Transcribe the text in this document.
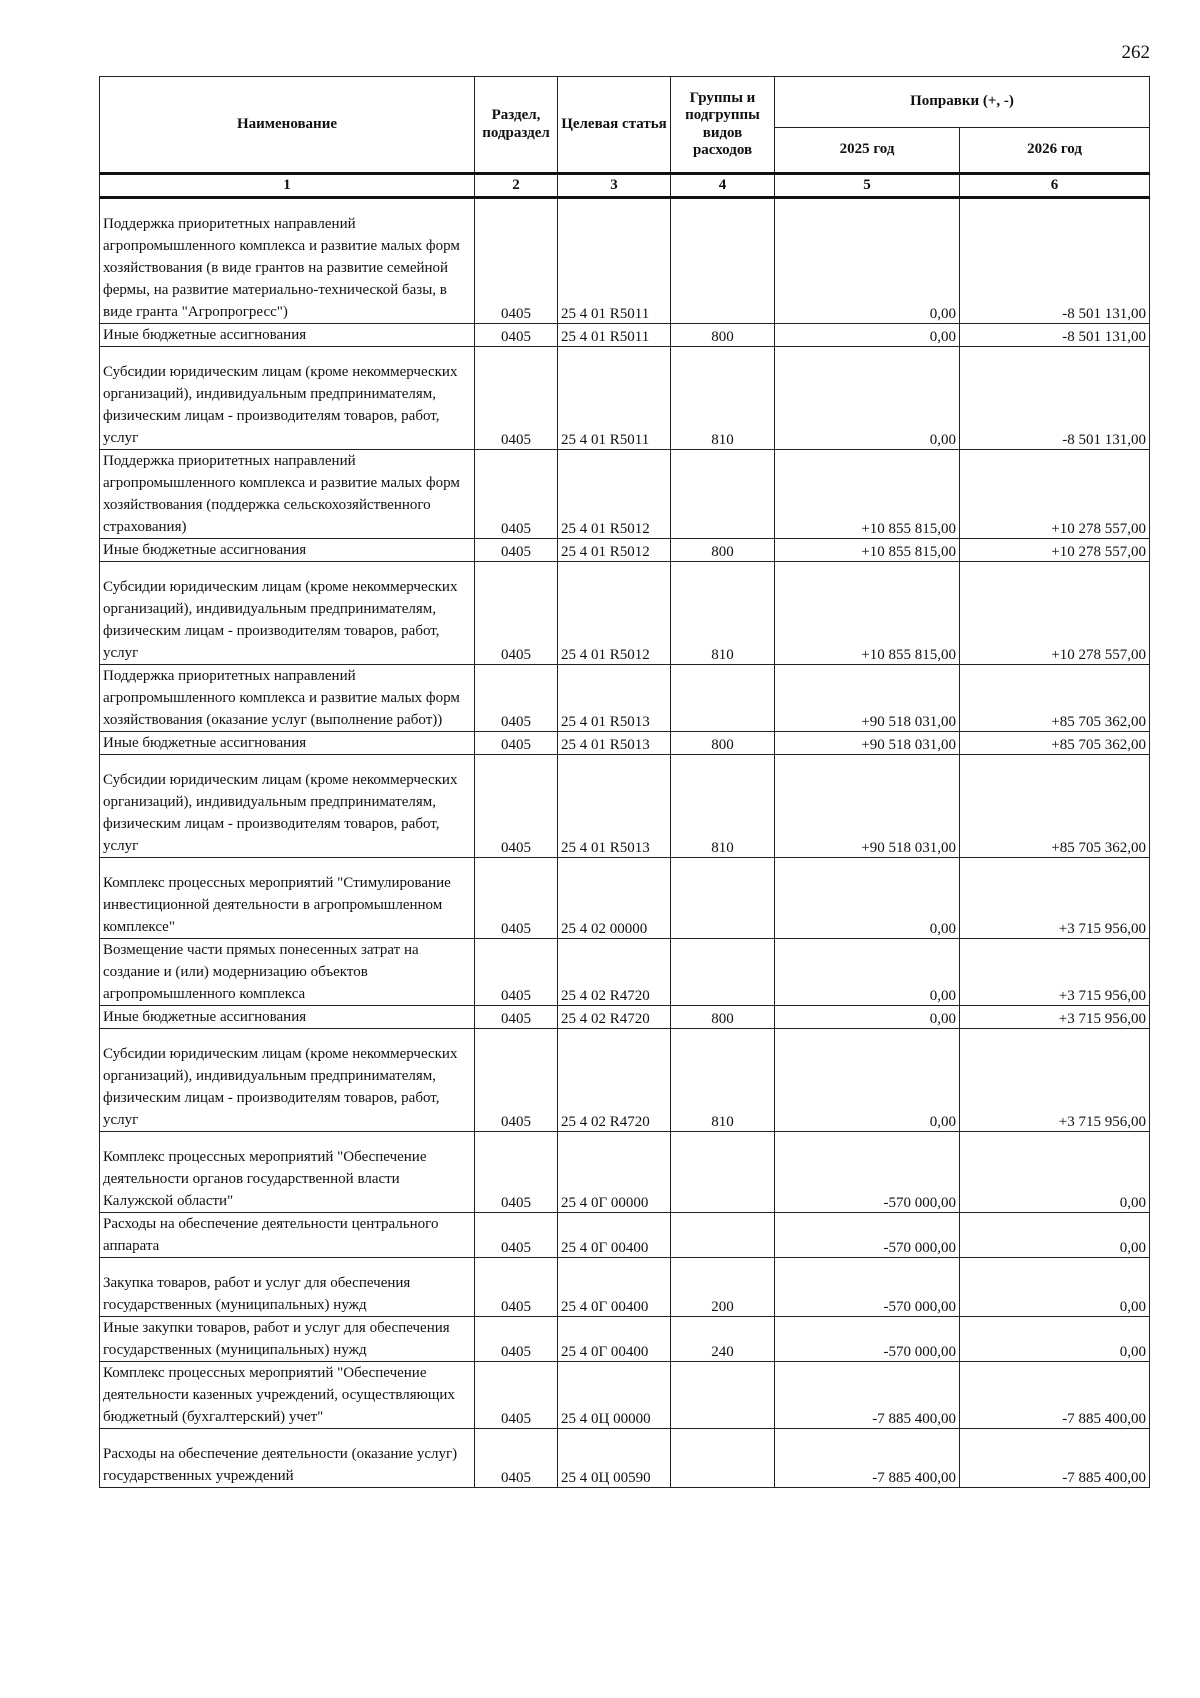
262
Наименование	Раздел, подраздел	Целевая статья	Группы и подгруппы видов расходов	Поправки (+, -)	
				2025 год	2026 год
1	2	3	4	5	6

Поддержка приоритетных направлений агропромышленного комплекса и развитие малых форм хозяйствования (в виде грантов на развитие семейной фермы, на развитие материально-технической базы, в виде гранта "Агропрогресс")	0405	25 4 01 R5011		0,00	-8 501 131,00
Иные бюджетные ассигнования	0405	25 4 01 R5011	800	0,00	-8 501 131,00

Субсидии юридическим лицам (кроме некоммерческих организаций), индивидуальным предпринимателям, физическим лицам - производителям товаров, работ, услуг	0405	25 4 01 R5011	810	0,00	-8 501 131,00
Поддержка приоритетных направлений агропромышленного комплекса и развитие малых форм хозяйствования (поддержка сельскохозяйственного страхования)	0405	25 4 01 R5012		+10 855 815,00	+10 278 557,00
Иные бюджетные ассигнования	0405	25 4 01 R5012	800	+10 855 815,00	+10 278 557,00

Субсидии юридическим лицам (кроме некоммерческих организаций), индивидуальным предпринимателям, физическим лицам - производителям товаров, работ, услуг	0405	25 4 01 R5012	810	+10 855 815,00	+10 278 557,00
Поддержка приоритетных направлений агропромышленного комплекса и развитие малых форм хозяйствования (оказание услуг (выполнение работ))	0405	25 4 01 R5013		+90 518 031,00	+85 705 362,00
Иные бюджетные ассигнования	0405	25 4 01 R5013	800	+90 518 031,00	+85 705 362,00

Субсидии юридическим лицам (кроме некоммерческих организаций), индивидуальным предпринимателям, физическим лицам - производителям товаров, работ, услуг	0405	25 4 01 R5013	810	+90 518 031,00	+85 705 362,00

Комплекс процессных мероприятий "Стимулирование инвестиционной деятельности в агропромышленном комплексе"	0405	25 4 02 00000		0,00	+3 715 956,00
Возмещение части прямых понесенных затрат на создание и (или) модернизацию объектов агропромышленного комплекса	0405	25 4 02 R4720		0,00	+3 715 956,00
Иные бюджетные ассигнования	0405	25 4 02 R4720	800	0,00	+3 715 956,00

Субсидии юридическим лицам (кроме некоммерческих организаций), индивидуальным предпринимателям, физическим лицам - производителям товаров, работ, услуг	0405	25 4 02 R4720	810	0,00	+3 715 956,00

Комплекс процессных мероприятий "Обеспечение деятельности органов государственной власти Калужской области"	0405	25 4 0Г 00000		-570 000,00	0,00
Расходы на обеспечение деятельности центрального аппарата	0405	25 4 0Г 00400		-570 000,00	0,00

Закупка товаров, работ и услуг для обеспечения государственных (муниципальных) нужд	0405	25 4 0Г 00400	200	-570 000,00	0,00
Иные закупки товаров, работ и услуг для обеспечения государственных (муниципальных) нужд	0405	25 4 0Г 00400	240	-570 000,00	0,00
Комплекс процессных мероприятий "Обеспечение деятельности казенных учреждений, осуществляющих бюджетный (бухгалтерский) учет"	0405	25 4 0Ц 00000		-7 885 400,00	-7 885 400,00

Расходы на обеспечение деятельности (оказание услуг) государственных учреждений	0405	25 4 0Ц 00590		-7 885 400,00	-7 885 400,00
